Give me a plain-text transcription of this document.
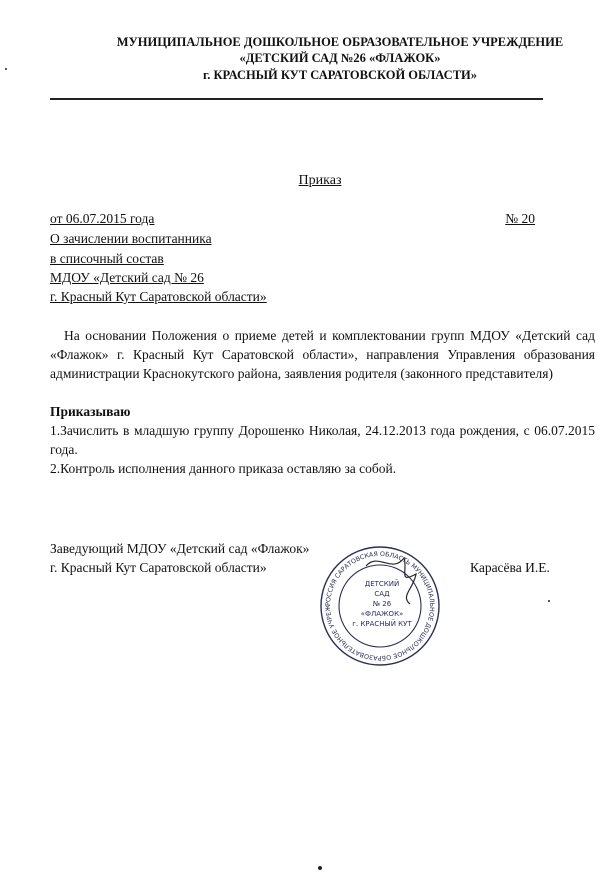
МУНИЦИПАЛЬНОЕ ДОШКОЛЬНОЕ ОБРАЗОВАТЕЛЬНОЕ УЧРЕЖДЕНИЕ
«ДЕТСКИЙ САД №26 «ФЛАЖОК»
г. КРАСНЫЙ КУТ САРАТОВСКОЙ ОБЛАСТИ»
Приказ
от 06.07.2015 года	№ 20
О зачислении воспитанника
в списочный состав
МДОУ «Детский сад № 26
г. Красный Кут Саратовской области»
На основании Положения о приеме детей и комплектовании групп МДОУ «Детский сад «Флажок» г. Красный Кут Саратовской области», направления Управления образования администрации Краснокутского района, заявления родителя (законного представителя)
Приказываю
1.Зачислить в младшую группу Дорошенко Николая, 24.12.2013 года рождения, с 06.07.2015 года.
2.Контроль исполнения данного приказа оставляю за собой.
Заведующий МДОУ «Детский сад «Флажок»
г. Красный Кут Саратовской области»	Карасёва И.Е.
РОССИЯ САРАТОВСКАЯ ОБЛАСТЬ МУНИЦИПАЛЬНОЕ ДОШКОЛЬНОЕ ОБРАЗОВАТЕЛЬНОЕ УЧРЕЖ
ДЕТСКИЙ
САД
№ 26
«ФЛАЖОК»
г. КРАСНЫЙ КУТ
